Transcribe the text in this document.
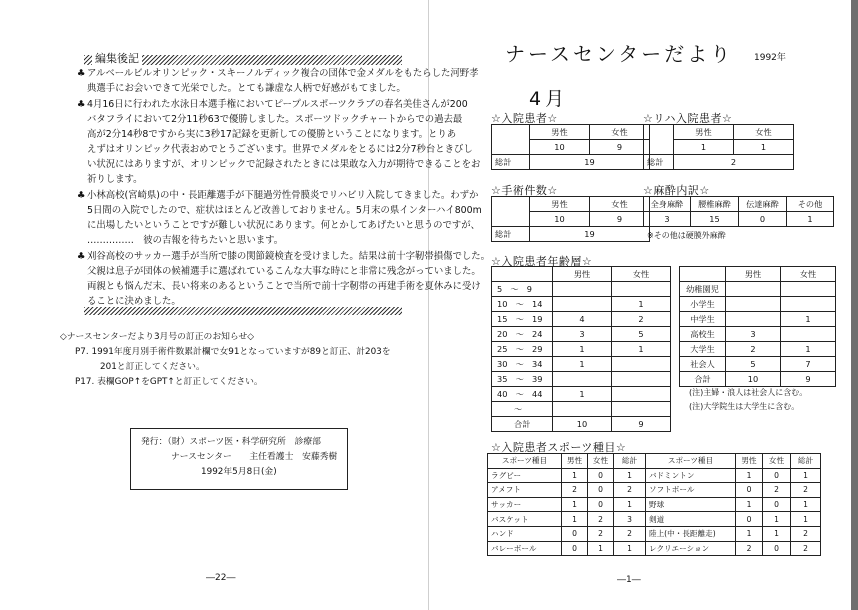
編集後記
♣ アルベールビルオリンピック・スキーノルディック複合の団体で金メダルをもたらした河野孝
典選手にお会いできて光栄でした。とても謙虚な人柄で好感がもてました。
♣ 4月16日に行われた水泳日本選手権においてピープルスポーツクラブの春名美佳さんが200
バタフライにおいて2分11秒63で優勝しました。スポーツドックチャートからでの過去最
高が2分14秒8ですから実に3秒17記録を更新しての優勝ということになります。とりあ
えずはオリンピック代表おめでとうございます。世界でメダルをとるには2分7秒台ときびし
い状況にはありますが、オリンピックで記録されたときには果敢な入力が期待できることをお
祈りします。
♣ 小林高校(宮崎県)の中・長距離選手が下腿過労性骨膜炎でリハビリ入院してきました。わずか
5日間の入院でしたので、症状はほとんど改善しておりません。5月末の県インターハイ800m
に出場したいということですが難しい状況にあります。何とかしてあげたいと思うのですが、
……………　彼の吉報を待ちたいと思います。
♣ 刈谷高校のサッカー選手が当所で膝の関節鏡検査を受けました。結果は前十字靭帯損傷でした。
父親は息子が団体の候補選手に選ばれているこんな大事な時にと非常に残念がっていました。
両親とも悩んだ末、長い将来のあるということで当所で前十字靭帯の再建手術を夏休みに受け
ることに決めました。
◇ナースセンターだより3月号の訂正のお知らせ◇
P7. 1991年度月別手術件数累計欄で女91となっていますが89と訂正、計203を
201と訂正してください。
P17. 表欄GOP↑をGPT↑と訂正してください。
発行：（財）スポーツ医・科学研究所　診療部
ナースセンター　　主任看護士　安藤秀樹
1992年5月8日(金)
―22―
ナースセンターだより 1992年
4月
☆入院患者☆
	男性	女性
	10	9
総計	19	
☆リハ入院患者☆
	男性	女性
	1	1
総計	2	
☆手術件数☆
	男性	女性
	10	9
総計	19	
☆麻酔内訳☆
全身麻酔	腰椎麻酔	伝達麻酔	その他
3	15	0	1
※その他は硬膜外麻酔
☆入院患者年齢層☆
	男性	女性
5　～　9		
10　～　14		1
15　～　19	4	2
20　～　24	3	5
25　～　29	1	1
30　～　34	1	
35　～　39		
40　～　44	1	
～		
合計	10	9
	男性	女性
幼稚園児		
小学生		
中学生		1
高校生	3	
大学生	2	1
社会人	5	7
合計	10	9
(注)主婦・浪人は社会人に含む。
(注)大学院生は大学生に含む。
☆入院患者スポーツ種目☆
スポーツ種目	男性	女性	総計	スポーツ種目	男性	女性	総計
ラグビー	1	0	1	バドミントン	1	0	1
アメフト	2	0	2	ソフトボール	0	2	2
サッカー	1	0	1	野球	1	0	1
バスケット	1	2	3	剣道	0	1	1
ハンド	0	2	2	陸上(中・長距離走)	1	1	2
バレーボール	0	1	1	レクリエーション	2	0	2
―1―
